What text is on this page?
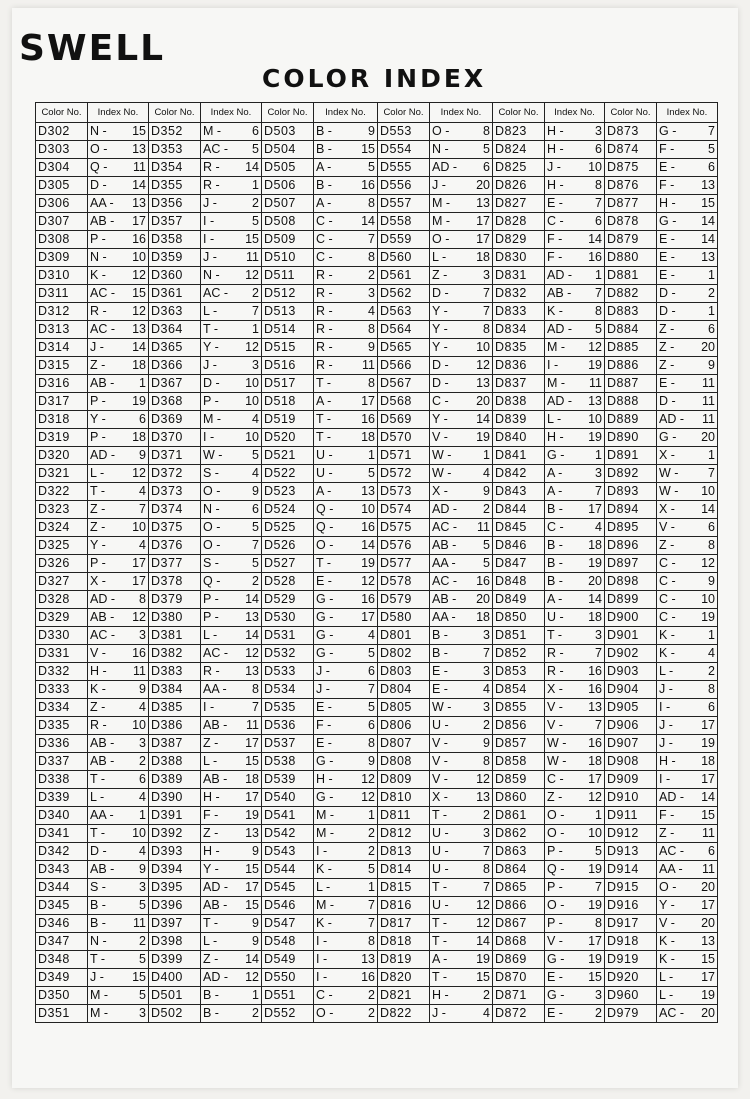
SWELL
COLOR INDEX
Color No.	Index No.	Color No.	Index No.	Color No.	Index No.	Color No.	Index No.	Color No.	Index No.	Color No.	Index No.
D302	N - 15	D352	M - 6	D503	B - 9	D553	O - 8	D823	H - 3	D873	G - 7

D303	O - 13	D353	AC - 5	D504	B - 15	D554	N - 5	D824	H - 6	D874	F - 5

D304	Q - 11	D354	R - 14	D505	A - 5	D555	AD - 6	D825	J - 10	D875	E - 6

D305	D - 14	D355	R - 1	D506	B - 16	D556	J - 20	D826	H - 8	D876	F - 13

D306	AA - 13	D356	J - 2	D507	A - 8	D557	M - 13	D827	E - 7	D877	H - 15

D307	AB - 17	D357	I - 5	D508	C - 14	D558	M - 17	D828	C - 6	D878	G - 14

D308	P - 16	D358	I - 15	D509	C - 7	D559	O - 17	D829	F - 14	D879	E - 14

D309	N - 10	D359	J - 11	D510	C - 8	D560	L - 18	D830	F - 16	D880	E - 13

D310	K - 12	D360	N - 12	D511	R - 2	D561	Z - 3	D831	AD - 1	D881	E - 1

D311	AC - 15	D361	AC - 2	D512	R - 3	D562	D - 7	D832	AB - 7	D882	D - 2

D312	R - 12	D363	L - 7	D513	R - 4	D563	Y - 7	D833	K - 8	D883	D - 1

D313	AC - 13	D364	T - 1	D514	R - 8	D564	Y - 8	D834	AD - 5	D884	Z - 6

D314	J - 14	D365	Y - 12	D515	R - 9	D565	Y - 10	D835	M - 12	D885	Z - 20

D315	Z - 18	D366	J - 3	D516	R - 11	D566	D - 12	D836	I - 19	D886	Z - 9

D316	AB - 1	D367	D - 10	D517	T - 8	D567	D - 13	D837	M - 11	D887	E - 11

D317	P - 19	D368	P - 10	D518	A - 17	D568	C - 20	D838	AD - 13	D888	D - 11

D318	Y - 6	D369	M - 4	D519	T - 16	D569	Y - 14	D839	L - 10	D889	AD - 11

D319	P - 18	D370	I - 10	D520	T - 18	D570	V - 19	D840	H - 19	D890	G - 20

D320	AD - 9	D371	W - 5	D521	U - 1	D571	W - 1	D841	G - 1	D891	X - 1

D321	L - 12	D372	S - 4	D522	U - 5	D572	W - 4	D842	A - 3	D892	W - 7

D322	T - 4	D373	O - 9	D523	A - 13	D573	X - 9	D843	A - 7	D893	W - 10

D323	Z - 7	D374	N - 6	D524	Q - 10	D574	AD - 2	D844	B - 17	D894	X - 14

D324	Z - 10	D375	O - 5	D525	Q - 16	D575	AC - 11	D845	C - 4	D895	V - 6

D325	Y - 4	D376	O - 7	D526	O - 14	D576	AB - 5	D846	B - 18	D896	Z - 8

D326	P - 17	D377	S - 5	D527	T - 19	D577	AA - 5	D847	B - 19	D897	C - 12

D327	X - 17	D378	Q - 2	D528	E - 12	D578	AC - 16	D848	B - 20	D898	C - 9

D328	AD - 8	D379	P - 14	D529	G - 16	D579	AB - 20	D849	A - 14	D899	C - 10

D329	AB - 12	D380	P - 13	D530	G - 17	D580	AA - 18	D850	U - 18	D900	C - 19

D330	AC - 3	D381	L - 14	D531	G - 4	D801	B - 3	D851	T - 3	D901	K - 1

D331	V - 16	D382	AC - 12	D532	G - 5	D802	B - 7	D852	R - 7	D902	K - 4

D332	H - 11	D383	R - 13	D533	J - 6	D803	E - 3	D853	R - 16	D903	L - 2

D333	K - 9	D384	AA - 8	D534	J - 7	D804	E - 4	D854	X - 16	D904	J - 8

D334	Z - 4	D385	I - 7	D535	E - 5	D805	W - 3	D855	V - 13	D905	I - 6

D335	R - 10	D386	AB - 11	D536	F - 6	D806	U - 2	D856	V - 7	D906	J - 17

D336	AB - 3	D387	Z - 17	D537	E - 8	D807	V - 9	D857	W - 16	D907	J - 19

D337	AB - 2	D388	L - 15	D538	G - 9	D808	V - 8	D858	W - 18	D908	H - 18

D338	T - 6	D389	AB - 18	D539	H - 12	D809	V - 12	D859	C - 17	D909	I - 17

D339	L - 4	D390	H - 17	D540	G - 12	D810	X - 13	D860	Z - 12	D910	AD - 14

D340	AA - 1	D391	F - 19	D541	M - 1	D811	T - 2	D861	O - 1	D911	F - 15

D341	T - 10	D392	Z - 13	D542	M - 2	D812	U - 3	D862	O - 10	D912	Z - 11

D342	D - 4	D393	H - 9	D543	I - 2	D813	U - 7	D863	P - 5	D913	AC - 6

D343	AB - 9	D394	Y - 15	D544	K - 5	D814	U - 8	D864	Q - 19	D914	AA - 11

D344	S - 3	D395	AD - 17	D545	L - 1	D815	T - 7	D865	P - 7	D915	O - 20

D345	B - 5	D396	AB - 15	D546	M - 7	D816	U - 12	D866	O - 19	D916	Y - 17

D346	B - 11	D397	T - 9	D547	K - 7	D817	T - 12	D867	P - 8	D917	V - 20

D347	N - 2	D398	L - 9	D548	I - 8	D818	T - 14	D868	V - 17	D918	K - 13

D348	T - 5	D399	Z - 14	D549	I - 13	D819	A - 19	D869	G - 19	D919	K - 15

D349	J - 15	D400	AD - 12	D550	I - 16	D820	T - 15	D870	E - 15	D920	L - 17

D350	M - 5	D501	B - 1	D551	C - 2	D821	H - 2	D871	G - 3	D960	L - 19

D351	M - 3	D502	B - 2	D552	O - 2	D822	J - 4	D872	E - 2	D979	AC - 20
